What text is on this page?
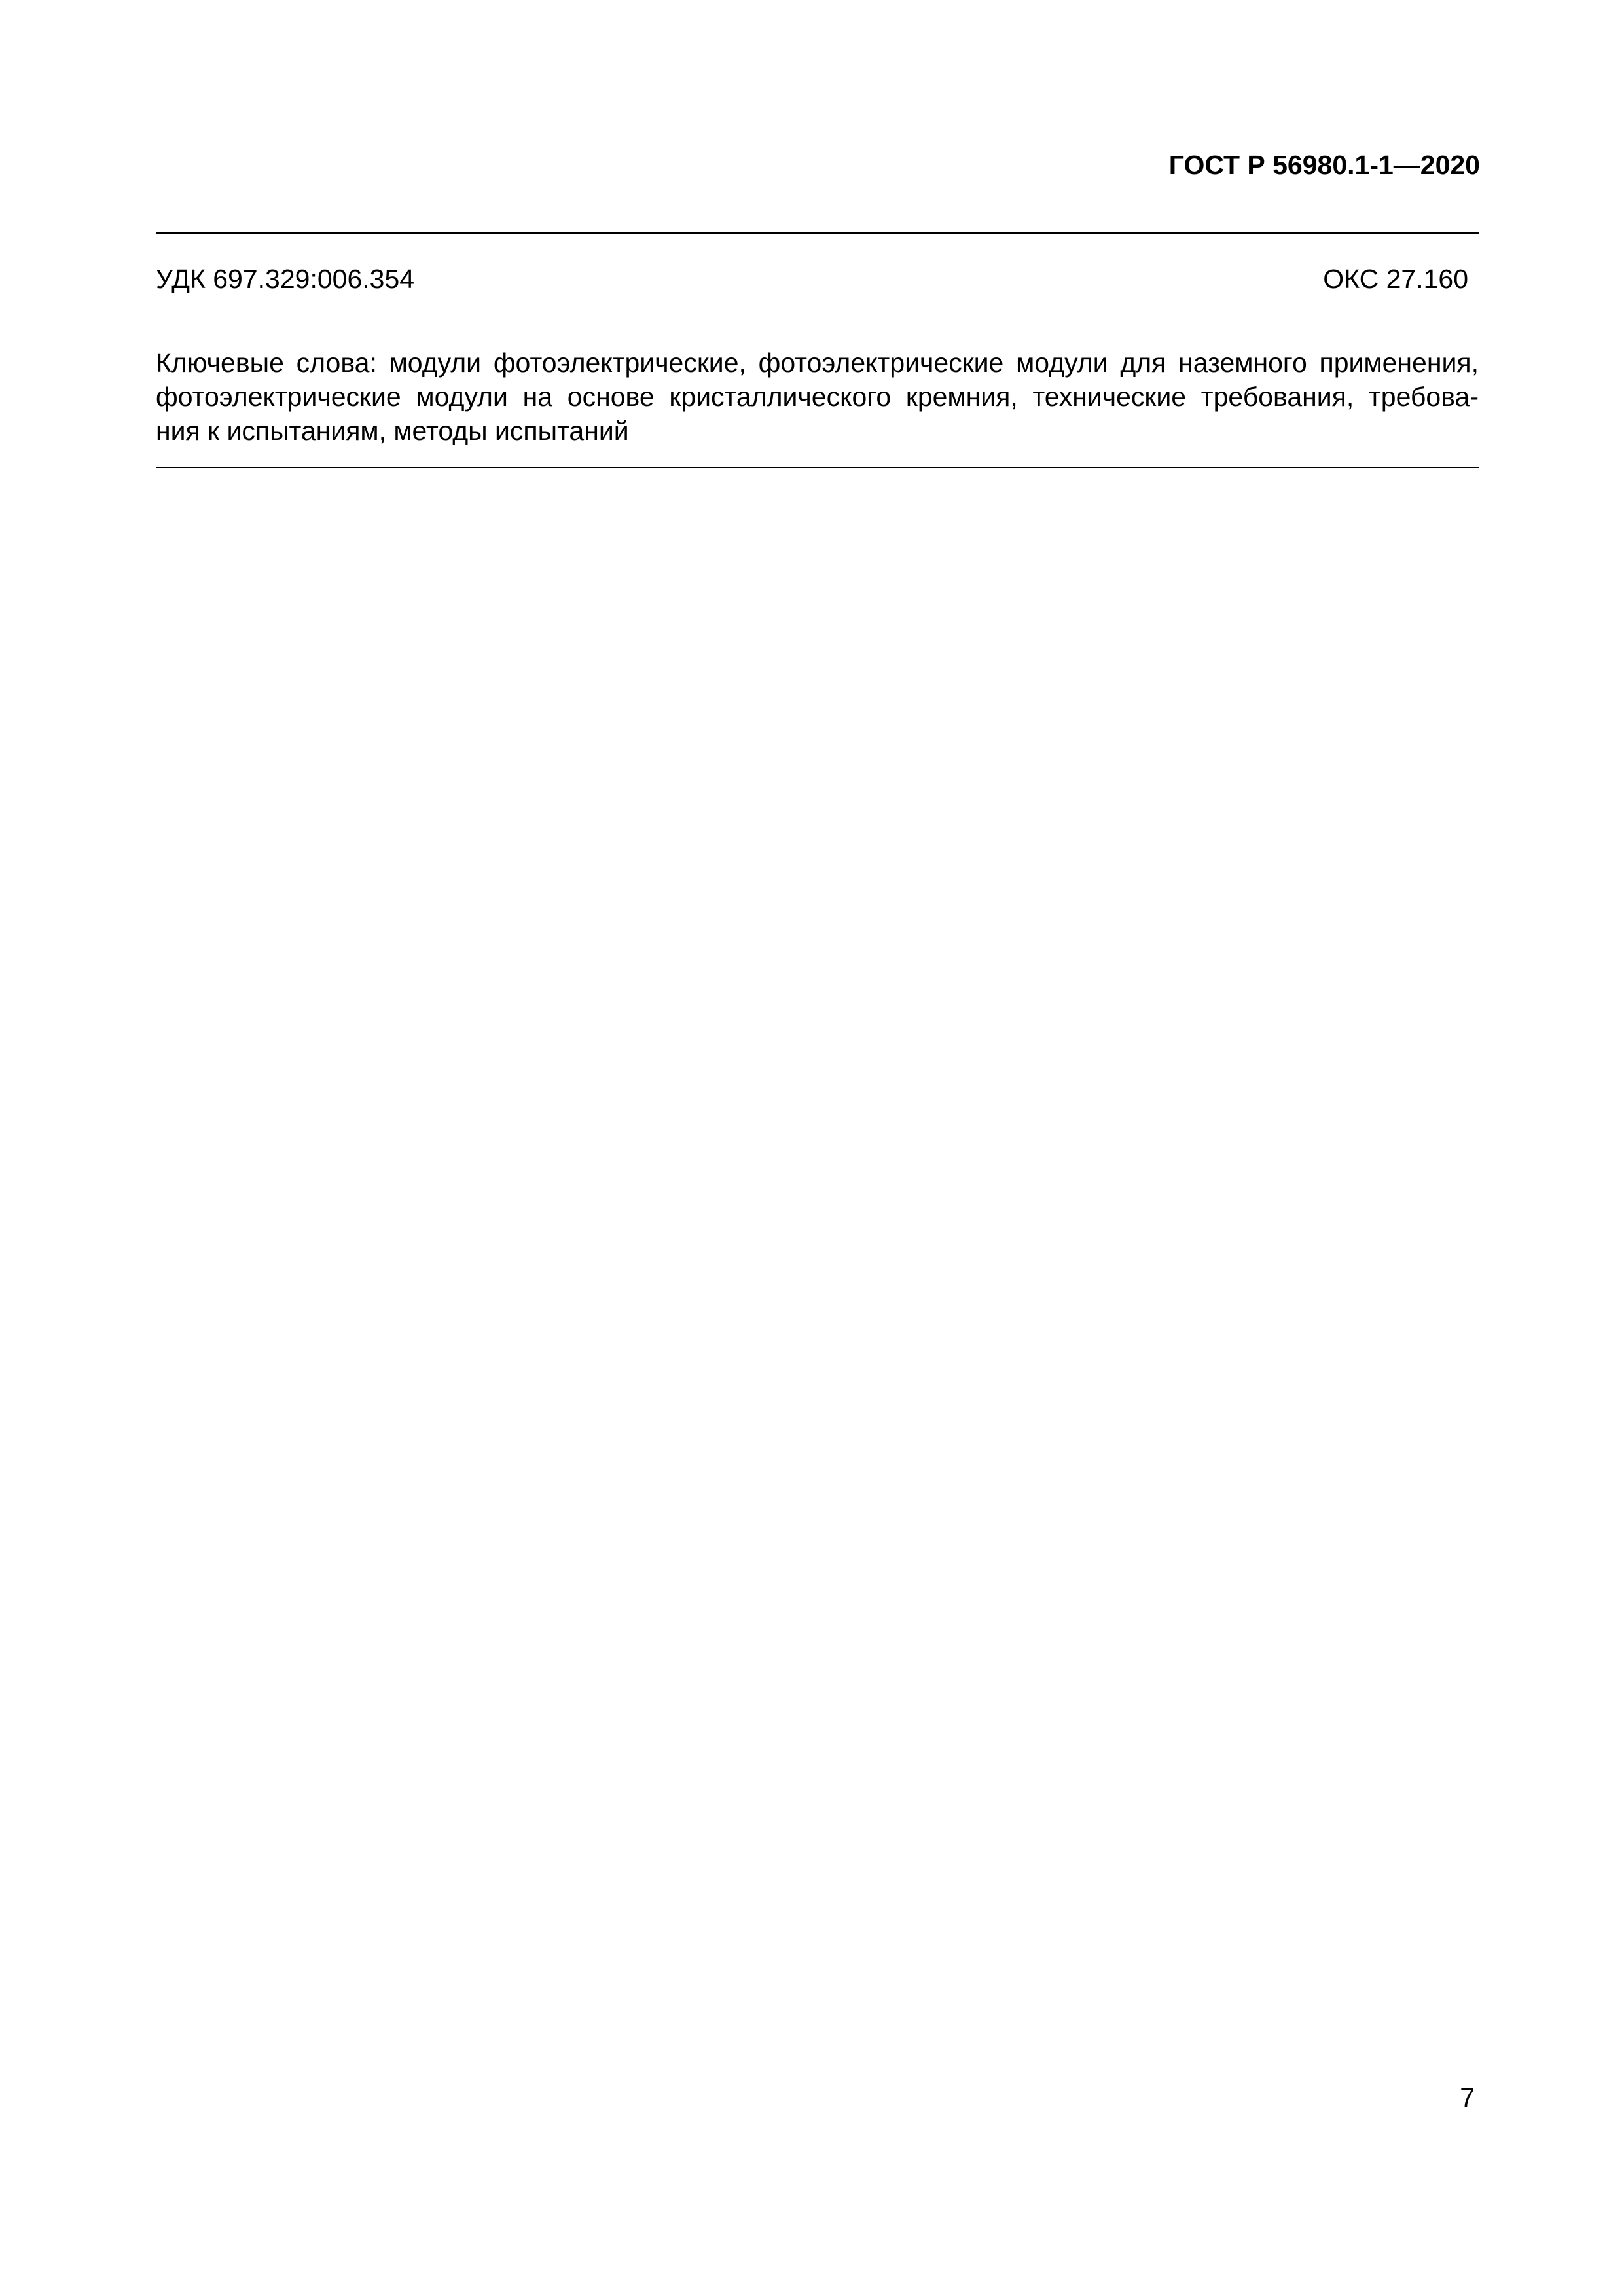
ГОСТ Р 56980.1-1—2020
УДК 697.329:006.354	ОКС 27.160
Ключевые слова: модули фотоэлектрические, фотоэлектрические модули для наземного применения,
фотоэлектрические модули на основе кристаллического кремния, технические требования, требова-
ния к испытаниям, методы испытаний
7
